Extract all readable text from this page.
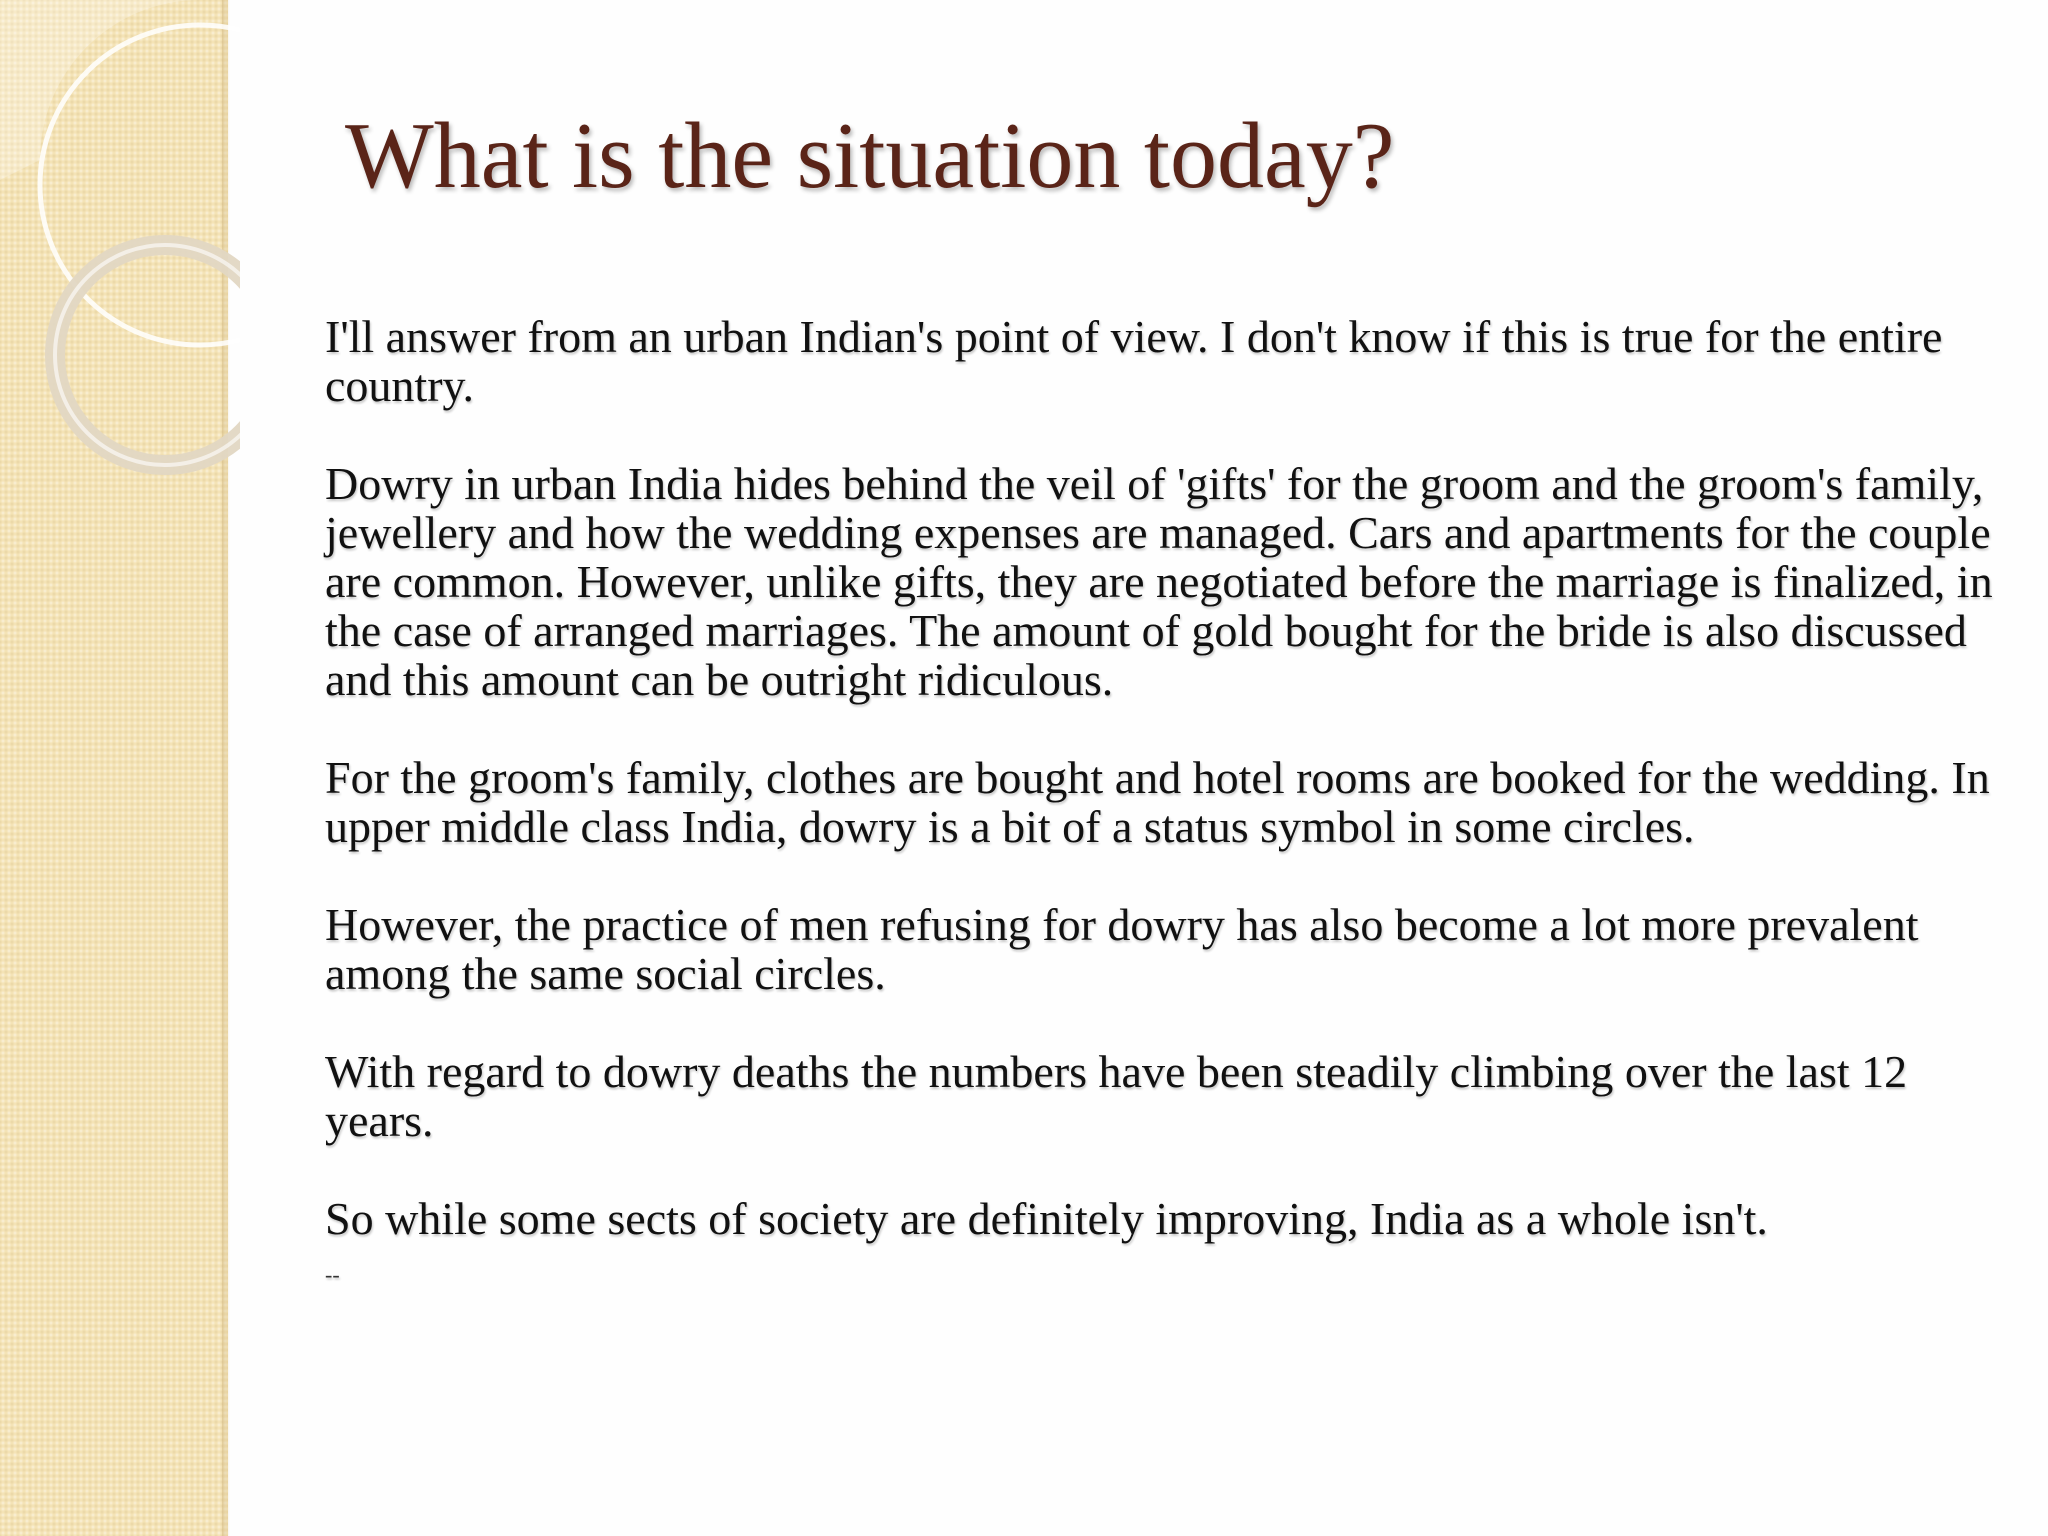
What is the situation today?

I'll answer from an urban Indian's point of view. I don't know if this is true for the entire country.

Dowry in urban India hides behind the veil of 'gifts' for the groom and the groom's family, jewellery and how the wedding expenses are managed. Cars and apartments for the couple are common. However, unlike gifts, they are negotiated before the marriage is finalized, in the case of arranged marriages. The amount of gold bought for the bride is also discussed and this amount can be outright ridiculous.

For the groom's family, clothes are bought and hotel rooms are booked for the wedding. In upper middle class India, dowry is a bit of a status symbol in some circles.

However, the practice of men refusing for dowry has also become a lot more prevalent among the same social circles.

With regard to dowry deaths the numbers have been steadily climbing over the last 12 years.

So while some sects of society are definitely improving, India as a whole isn't.

--
